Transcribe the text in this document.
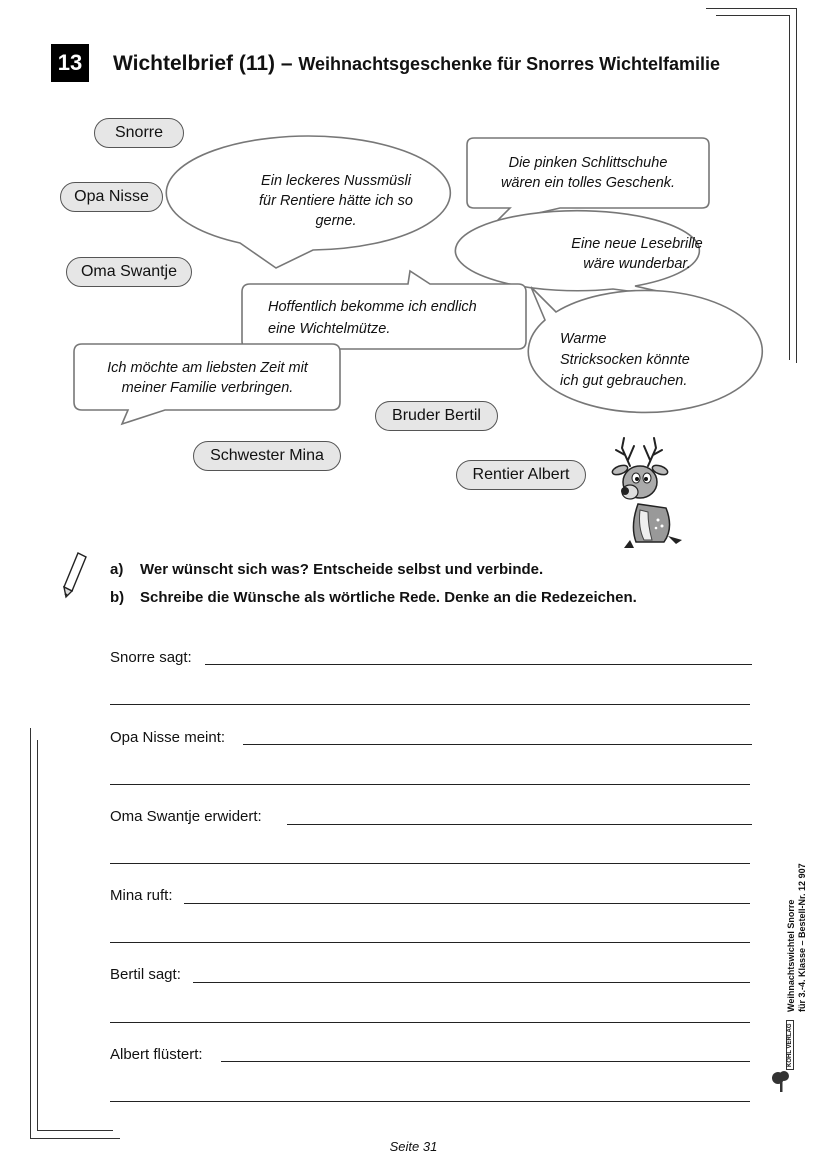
13	Wichtelbrief (11) – Weihnachtsgeschenke für Snorres Wichtelfamilie
Snorre
Opa Nisse
Oma Swantje
Bruder Bertil
Schwester Mina
Rentier Albert
Ein leckeres Nussmüsli
für Rentiere hätte ich so
gerne.
Die pinken Schlittschuhe
wären ein tolles Geschenk.
Eine neue Lesebrille
wäre wunderbar.
Hoffentlich bekomme ich endlich
eine Wichtelmütze.
Warme
Stricksocken könnte
ich gut gebrauchen.
Ich möchte am liebsten Zeit mit
meiner Familie verbringen.
a) Wer wünscht sich was? Entscheide selbst und verbinde.
b) Schreibe die Wünsche als wörtliche Rede. Denke an die Redezeichen.
Snorre sagt:
Opa Nisse meint:
Oma Swantje erwidert:
Mina ruft:
Bertil sagt:
Albert flüstert:
Weihnachtswichtel Snorre für 3.-4. Klasse – Bestell-Nr. 12 907
KOHL VERLAG
Seite 31
